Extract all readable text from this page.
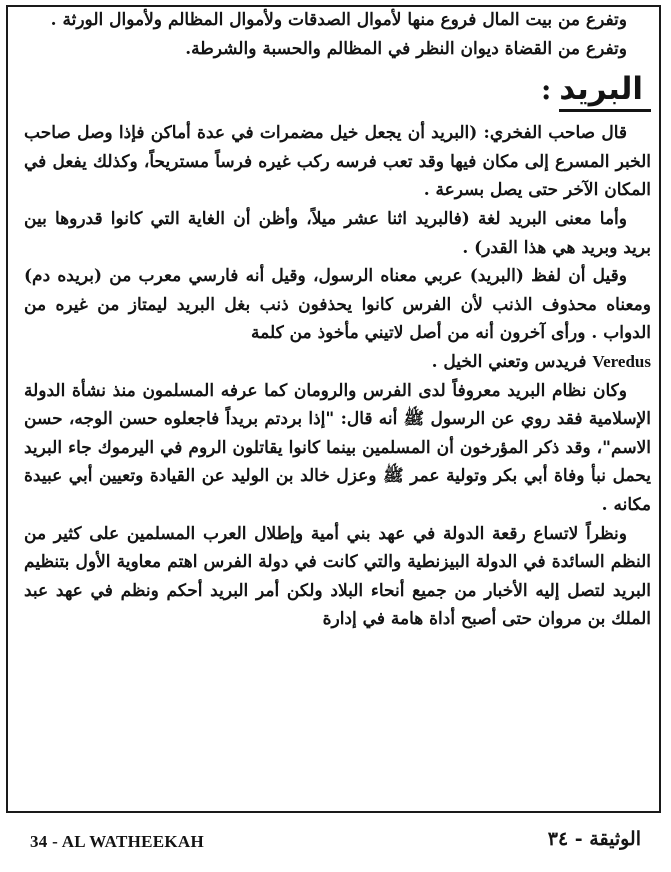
وتفرع من بيت المال فروع منها لأموال الصدقات ولأموال المظالم ولأموال الورثة .

وتفرع من القضاة ديوان النظر في المظالم والحسبة والشرطة.

البريد :

قال صاحب الفخري: (البريد أن يجعل خيل مضمرات في عدة أماكن فإذا وصل صاحب الخبر المسرع إلى مكان فيها وقد تعب فرسه ركب غيره فرساً مستريحاً، وكذلك يفعل في المكان الآخر حتى يصل بسرعة .

وأما معنى البريد لغة (فالبريد اثنا عشر ميلاً، وأظن أن الغاية التي كانوا قدروها بين بريد وبريد هي هذا القدر) .

وقيل أن لفظ (البريد) عربي معناه الرسول، وقيل أنه فارسي معرب من (بريده دم) ومعناه محذوف الذنب لأن الفرس كانوا يحذفون ذنب بغل البريد ليمتاز من غيره من الدواب . ورأى آخرون أنه من أصل لاتيني مأخوذ من كلمة

Veredus فريدس وتعني الخيل .

وكان نظام البريد معروفاً لدى الفرس والرومان كما عرفه المسلمون منذ نشأة الدولة الإسلامية فقد روي عن الرسول ﷺ أنه قال: "إذا بردتم بريداً فاجعلوه حسن الوجه، حسن الاسم"، وقد ذكر المؤرخون أن المسلمين بينما كانوا يقاتلون الروم في اليرموك جاء البريد يحمل نبأ وفاة أبي بكر وتولية عمر ﷺ وعزل خالد بن الوليد عن القيادة وتعيين أبي عبيدة مكانه .

ونظراً لاتساع رقعة الدولة في عهد بني أمية وإطلال العرب المسلمين على كثير من النظم السائدة في الدولة البيزنطية والتي كانت في دولة الفرس اهتم معاوية الأول بتنظيم البريد لتصل إليه الأخبار من جميع أنحاء البلاد ولكن أمر البريد أحكم ونظم في عهد عبد الملك بن مروان حتى أصبح أداة هامة في إدارة

34 - AL WATHEEKAH	الوثيقة - ٣٤
